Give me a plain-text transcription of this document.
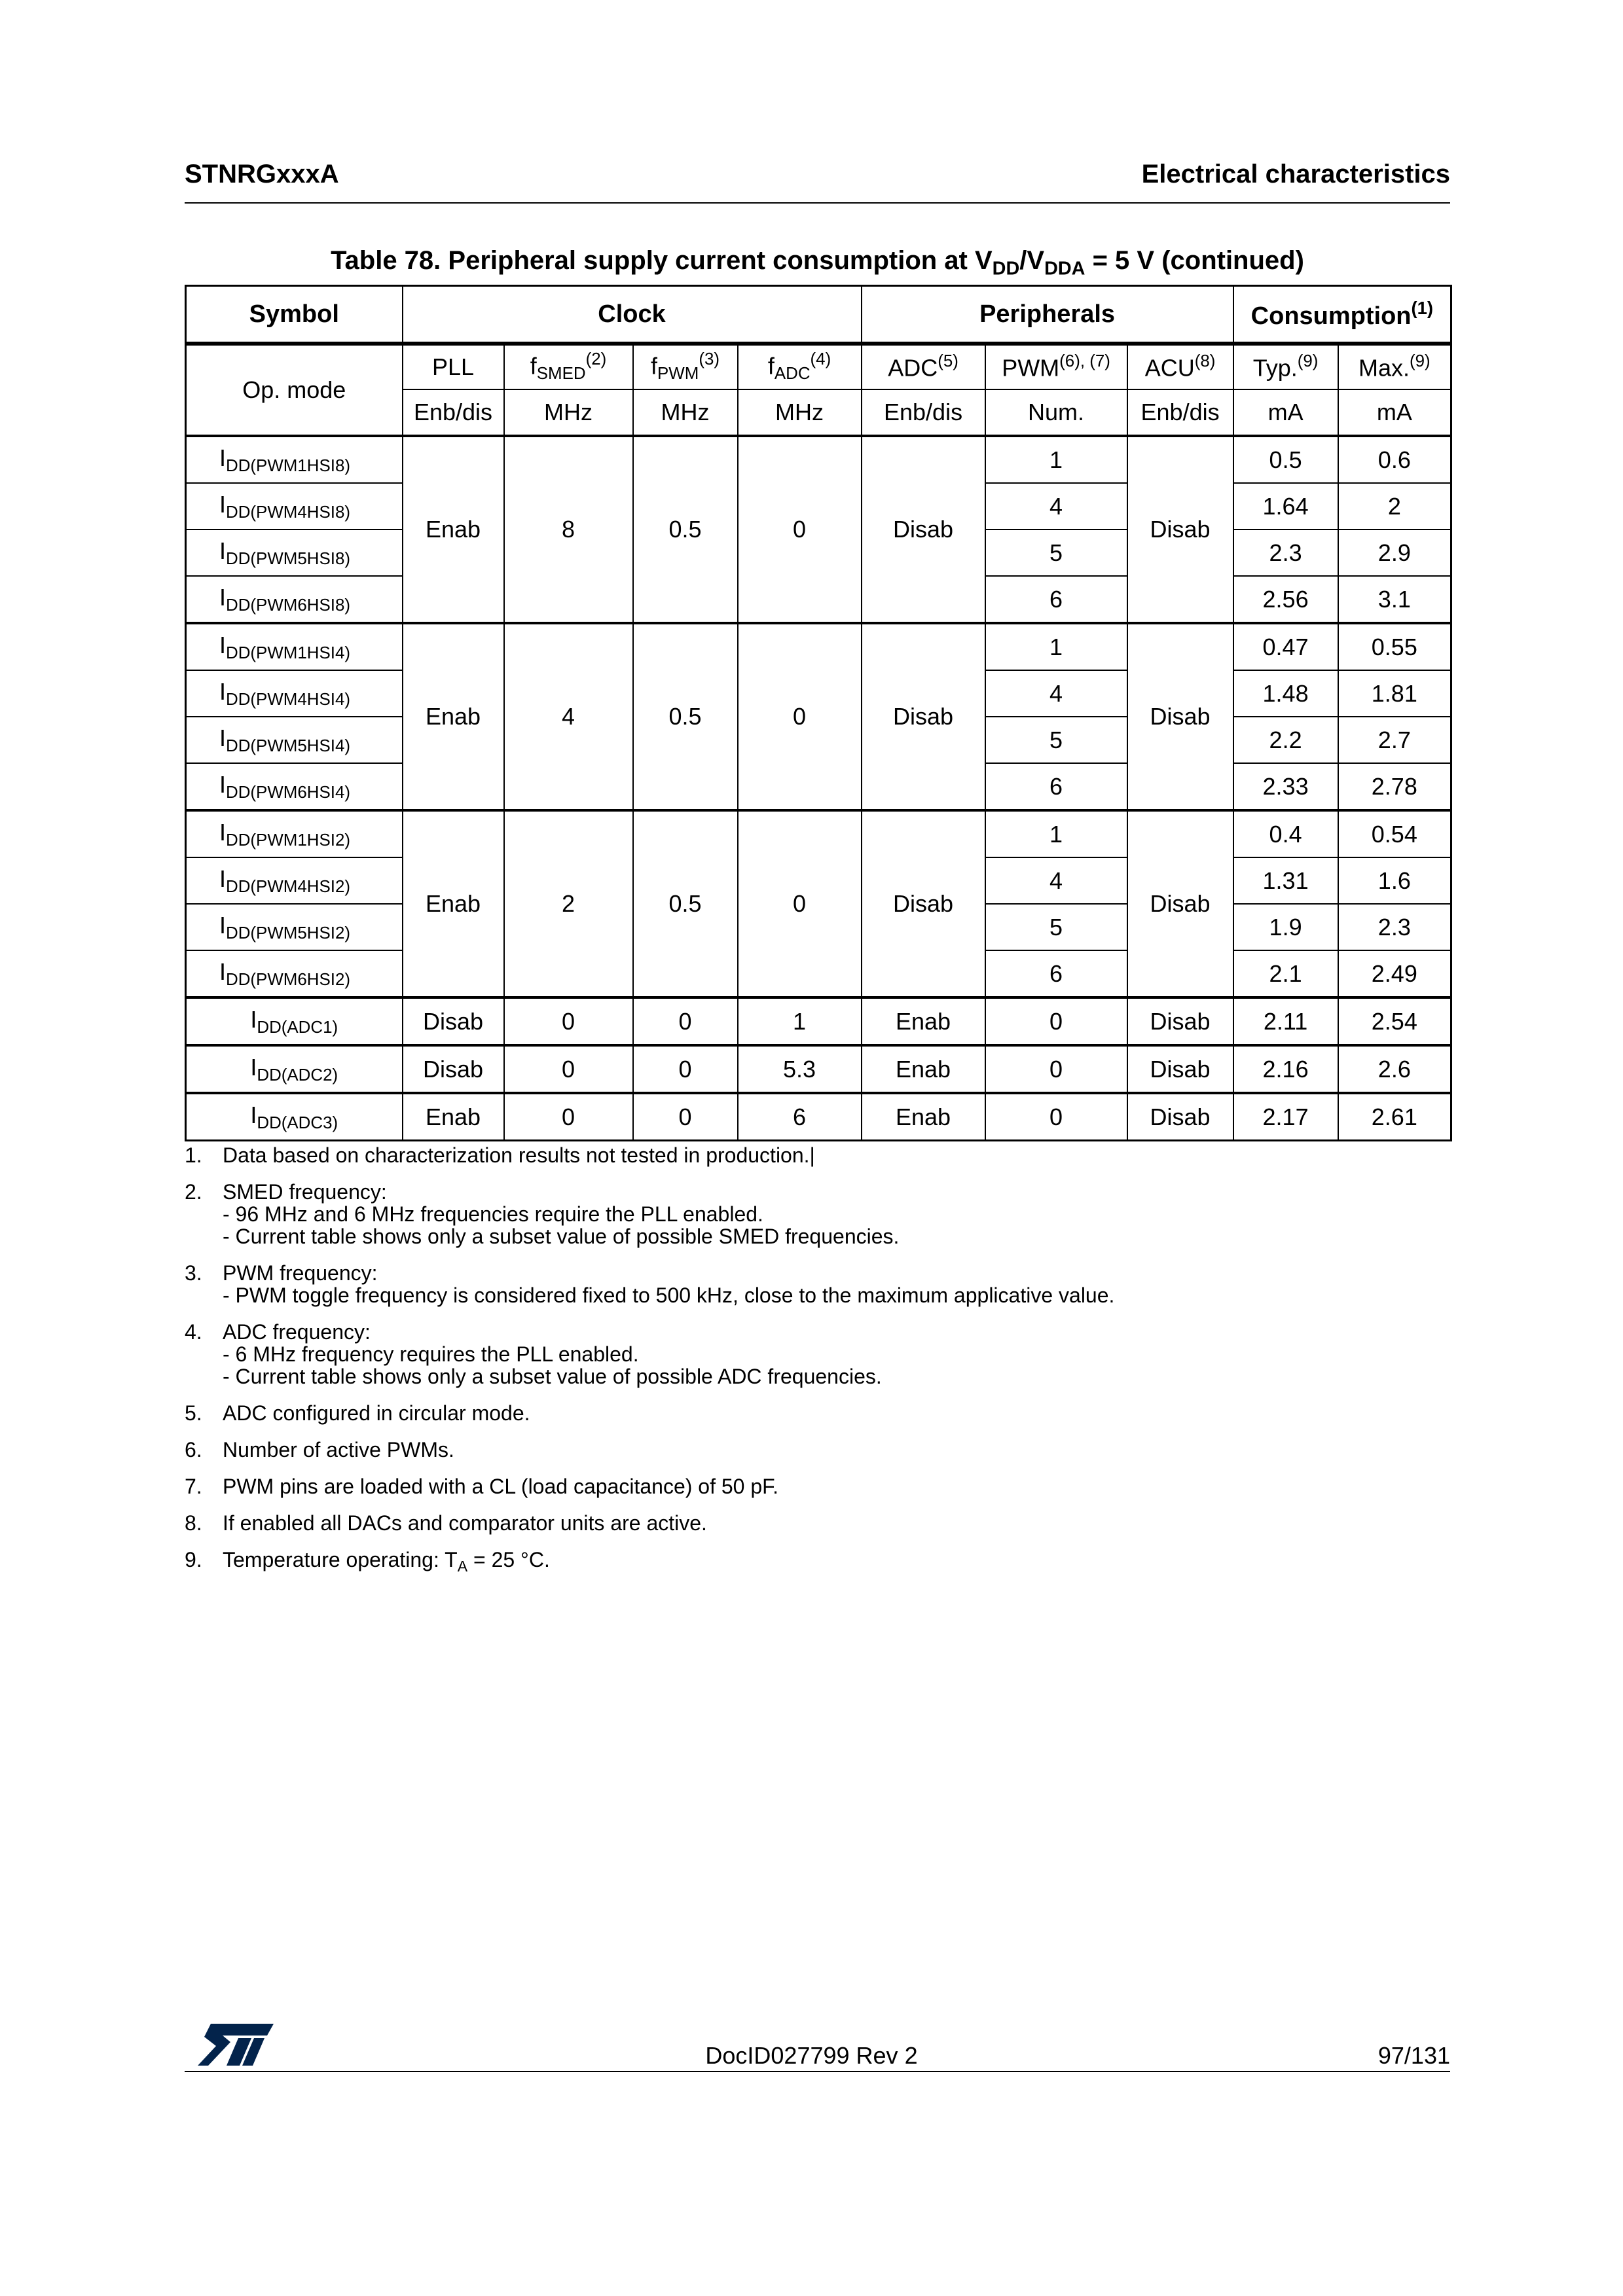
STNRGxxxA	Electrical characteristics
Table 78. Peripheral supply current consumption at $V_{DD}/V_{DDA} = 5$ V (continued)
Symbol	Clock				Peripherals			Consumption$^{(1)}$
Op. mode	PLL	$f_{SMED}^{(2)}$	$f_{PWM}^{(3)}$	$f_{ADC}^{(4)}$	ADC$^{(5)}$	$PWM^{(6), (7)}$	ACU$^{(8)}$	Typ.$^{(9)}$	Max.$^{(9)}$
	Enb/dis	MHz	MHz	MHz	Enb/dis	Num.	Enb/dis	mA	mA
$I_{DD(PWM1HSI8)}$	Enab	8	0.5	0	Disab	1	Disab	0.5	0.6
$I_{DD(PWM4HSI8)}$						4		1.64	2
$I_{DD(PWM5HSI8)}$						5		2.3	2.9
$I_{DD(PWM6HSI8)}$						6		2.56	3.1
$I_{DD(PWM1HSI4)}$	Enab	4	0.5	0	Disab	1	Disab	0.47	0.55
$I_{DD(PWM4HSI4)}$						4		1.48	1.81
$I_{DD(PWM5HSI4)}$						5		2.2	2.7
$I_{DD(PWM6HSI4)}$						6		2.33	2.78
$I_{DD(PWM1HSI2)}$	Enab	2	0.5	0	Disab	1	Disab	0.4	0.54
$I_{DD(PWM4HSI2)}$						4		1.31	1.6
$I_{DD(PWM5HSI2)}$						5		1.9	2.3
$I_{DD(PWM6HSI2)}$						6		2.1	2.49
$I_{DD(ADC1)}$	Disab	0	0	1	Enab	0	Disab	2.11	2.54
$I_{DD(ADC2)}$	Disab	0	0	5.3	Enab	0	Disab	2.16	2.6
$I_{DD(ADC3)}$	Enab	0	0	6	Enab	0	Disab	2.17	2.61
1. Data based on characterization results not tested in production.|
2. SMED frequency:
- 96 MHz and 6 MHz frequencies require the PLL enabled.
- Current table shows only a subset value of possible SMED frequencies.
3. PWM frequency:
- PWM toggle frequency is considered fixed to 500 kHz, close to the maximum applicative value.
4. ADC frequency:
- 6 MHz frequency requires the PLL enabled.
- Current table shows only a subset value of possible ADC frequencies.
5. ADC configured in circular mode.
6. Number of active PWMs.
7. PWM pins are loaded with a CL (load capacitance) of 50 pF.
8. If enabled all DACs and comparator units are active.
9. Temperature operating: $T_A = 25$ °C.
DocID027799 Rev 2	97/131
